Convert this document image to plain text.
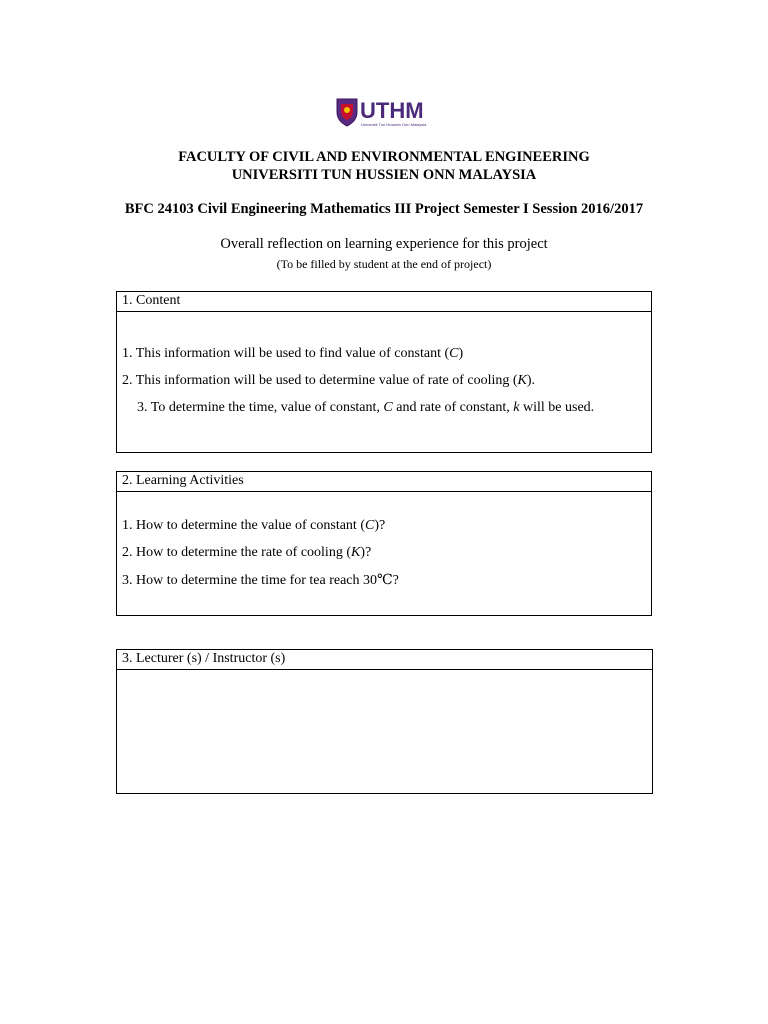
UTHM
Universiti Tun Hussein Onn Malaysia
FACULTY OF CIVIL AND ENVIRONMENTAL ENGINEERING
UNIVERSITI TUN HUSSIEN ONN MALAYSIA
BFC 24103 Civil Engineering Mathematics III Project Semester I Session 2016/2017
Overall reflection on learning experience for this project
(To be filled by student at the end of project)
1. Content
1. This information will be used to find value of constant (C)
2. This information will be used to determine value of rate of cooling (K).
3. To determine the time, value of constant, C and rate of constant, k will be used.
2. Learning Activities
1. How to determine the value of constant (C)?
2. How to determine the rate of cooling (K)?
3. How to determine the time for tea reach 30℃?
3. Lecturer (s) / Instructor (s)
